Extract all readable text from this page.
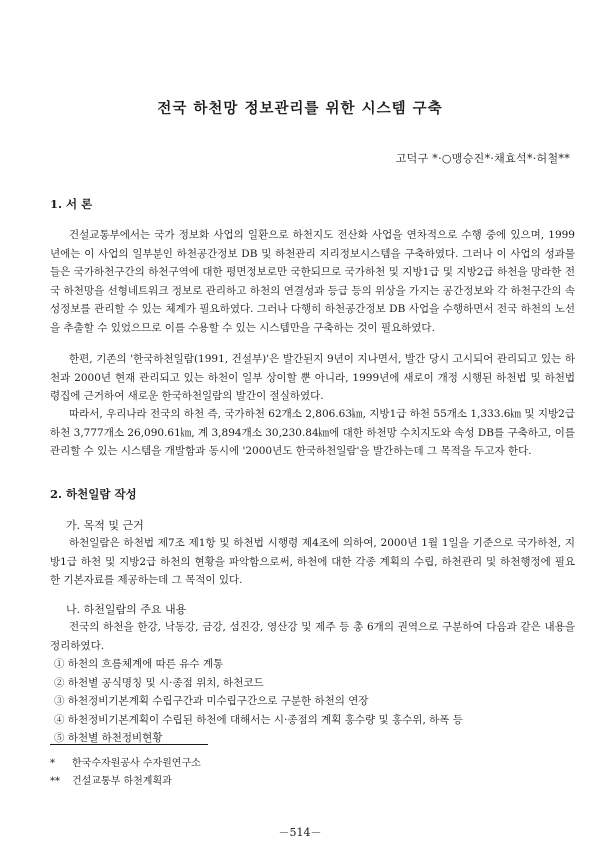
전국 하천망 정보관리를 위한 시스템 구축
고덕구 *·○맹승진*·채효석*·허철**
1. 서 론

건설교통부에서는 국가 정보화 사업의 일환으로 하천지도 전산화 사업을 연차적으로 수행 중에 있으며, 1999년에는 이 사업의 일부분인 하천공간정보 DB 및 하천관리 지리정보시스템을 구축하였다. 그러나 이 사업의 성과물들은 국가하천구간의 하천구역에 대한 평면정보로만 국한되므로 국가하천 및 지방1급 및 지방2급 하천을 망라한 전국 하천망을 선형네트워크 정보로 관리하고 하천의 연결성과 등급 등의 위상을 가지는 공간정보와 각 하천구간의 속성정보를 관리할 수 있는 체계가 필요하였다. 그러나 다행히 하천공간정보 DB 사업을 수행하면서 전국 하천의 노선을 추출할 수 있었으므로 이를 수용할 수 있는 시스템만을 구축하는 것이 필요하였다.

한편, 기존의 '한국하천일람(1991, 건설부)'은 발간된지 9년이 지나면서, 발간 당시 고시되어 관리되고 있는 하천과 2000년 현재 관리되고 있는 하천이 일부 상이할 뿐 아니라, 1999년에 새로이 개정 시행된 하천법 및 하천법령집에 근거하여 새로운 한국하천일람의 발간이 절실하였다.

따라서, 우리나라 전국의 하천 즉, 국가하천 62개소 2,806.63㎞, 지방1급 하천 55개소 1,333.6㎞ 및 지방2급 하천 3,777개소 26,090.61㎞, 계 3,894개소 30,230.84㎞에 대한 하천망 수치지도와 속성 DB를 구축하고, 이를 관리할 수 있는 시스템을 개발함과 동시에 '2000년도 한국하천일람'을 발간하는데 그 목적을 두고자 한다.

2. 하천일람 작성
가. 목적 및 근거

하천일람은 하천법 제7조 제1항 및 하천법 시행령 제4조에 의하여, 2000년 1월 1일을 기준으로 국가하천, 지방1급 하천 및 지방2급 하천의 현황을 파악함으로써, 하천에 대한 각종 계획의 수립, 하천관리 및 하천행정에 필요한 기본자료를 제공하는데 그 목적이 있다.

나. 하천일람의 주요 내용

전국의 하천을 한강, 낙동강, 금강, 섬진강, 영산강 및 제주 등 총 6개의 권역으로 구분하여 다음과 같은 내용을 정리하였다.

① 하천의 흐름체계에 따른 유수 계통
② 하천별 공식명칭 및 시·종점 위치, 하천코드
③ 하천정비기본계획 수립구간과 미수립구간으로 구분한 하천의 연장
④ 하천정비기본계획이 수립된 하천에 대해서는 시·종점의 계획 홍수량 및 홍수위, 하폭 등
⑤ 하천별 하천정비현황
* 한국수자원공사 수자원연구소
** 건설교통부 하천계획과
－514－
